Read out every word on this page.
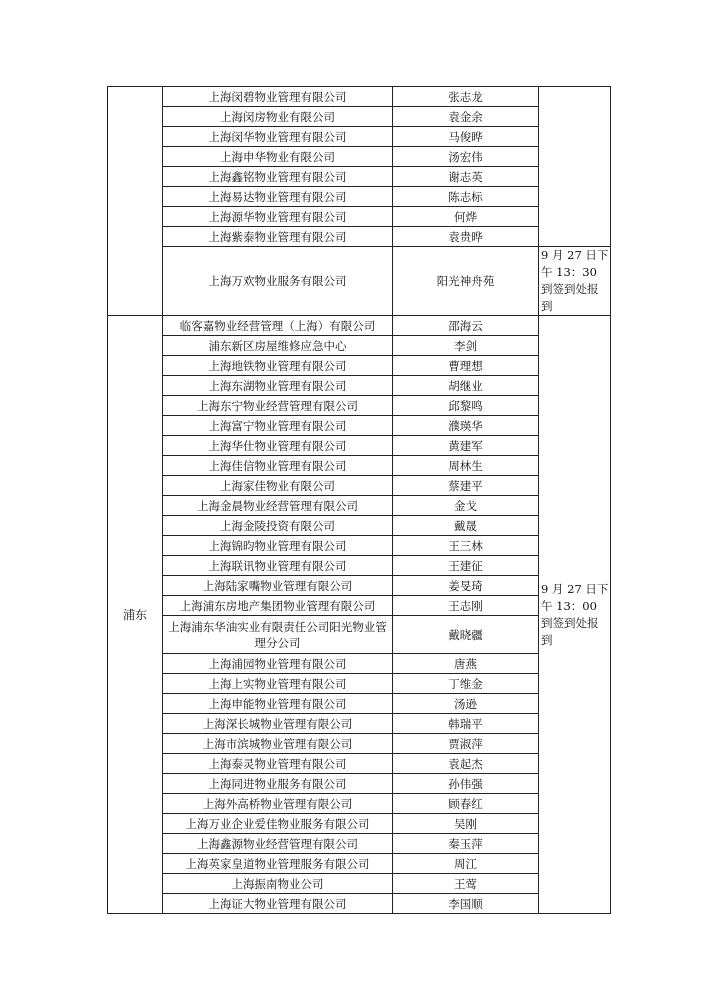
	上海闵碧物业管理有限公司	张志龙	
	上海闵房物业有限公司	袁金余	
	上海闵华物业管理有限公司	马俊晔	
	上海申华物业有限公司	汤宏伟	
	上海鑫铭物业管理有限公司	谢志英	
	上海易达物业管理有限公司	陈志标	
	上海源华物业管理有限公司	何烨	
	上海紫泰物业管理有限公司	袁贵晔	
	上海万欢物业服务有限公司	阳光神舟苑	9 月 27 日下午 13：30 到签到处报到
浦东	临客嘉物业经营管理（上海）有限公司	邵海云	9 月 27 日下午 13：00 到签到处报到
	浦东新区房屋维修应急中心	李剑	
	上海地铁物业管理有限公司	曹理想	
	上海东湖物业管理有限公司	胡继业	
	上海东宁物业经营管理有限公司	邱黎鸣	
	上海富宁物业管理有限公司	濮瑛华	
	上海华仕物业管理有限公司	黄建军	
	上海佳信物业管理有限公司	周林生	
	上海家佳物业有限公司	蔡建平	
	上海金晨物业经营管理有限公司	金戈	
	上海金陵投资有限公司	戴晟	
	上海锦昀物业管理有限公司	王三林	
	上海联讯物业管理有限公司	王建征	
	上海陆家嘴物业管理有限公司	姜旻琦	
	上海浦东房地产集团物业管理有限公司	王志刚	
	上海浦东华油实业有限责任公司阳光物业管理分公司	戴晓疆	
	上海浦园物业管理有限公司	唐燕	
	上海上实物业管理有限公司	丁维金	
	上海申能物业管理有限公司	汤逊	
	上海深长城物业管理有限公司	韩瑞平	
	上海市滨城物业管理有限公司	贾淑萍	
	上海泰灵物业管理有限公司	袁起杰	
	上海同进物业服务有限公司	孙伟强	
	上海外高桥物业管理有限公司	顾春红	
	上海万业企业爱佳物业服务有限公司	吴刚	
	上海鑫源物业经营管理有限公司	秦玉萍	
	上海英家皇道物业管理服务有限公司	周江	
	上海振南物业公司	王莺	
	上海证大物业管理有限公司	李国顺	
